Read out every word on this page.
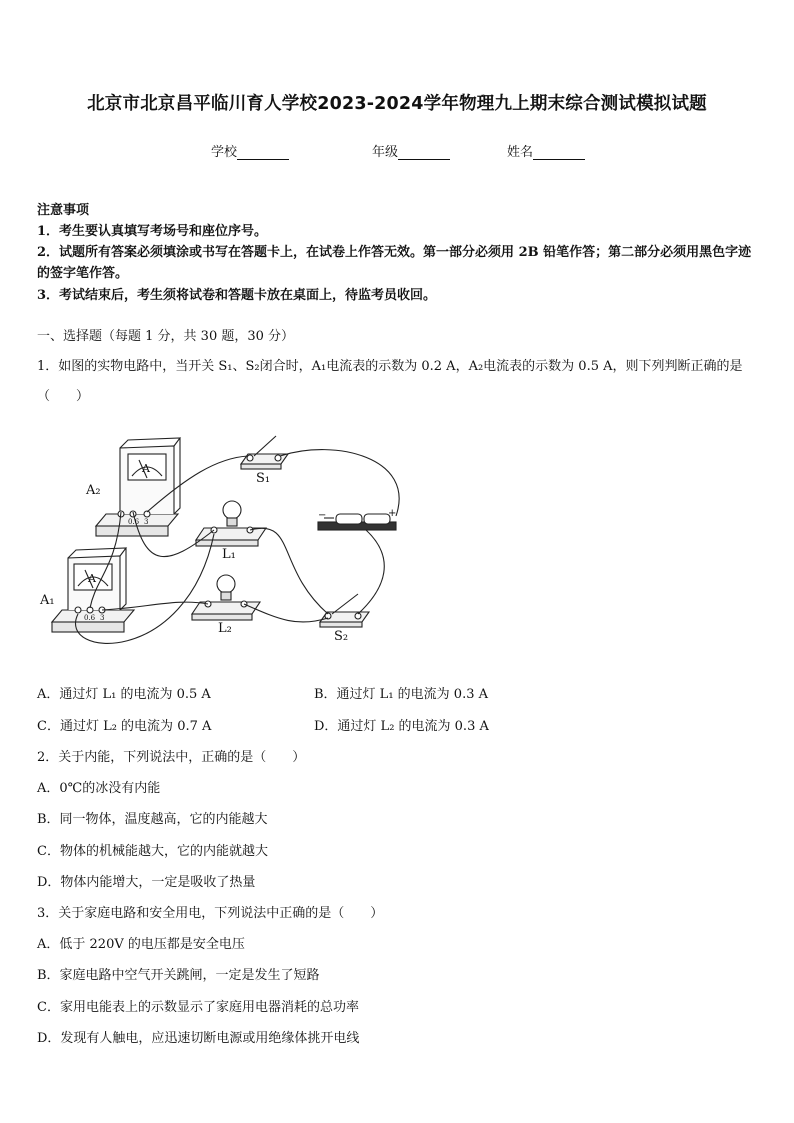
北京市北京昌平临川育人学校2023-2024学年物理九上期末综合测试模拟试题
学校	年级	姓名
注意事项
1．考生要认真填写考场号和座位序号。
2．试题所有答案必须填涂或书写在答题卡上，在试卷上作答无效。第一部分必须用 2B 铅笔作答；第二部分必须用黑色字迹的签字笔作答。
3．考试结束后，考生须将试卷和答题卡放在桌面上，待监考员收回。
一、选择题（每题 1 分，共 30 题，30 分）
1．如图的实物电路中，当开关 S₁、S₂闭合时，A₁电流表的示数为 0.2 A，A₂电流表的示数为 0.5 A，则下列判断正确的是（　　）
A₂
A₁
S₁
S₂
L₁
L₂
A
A
0.6 3
0.6 3
−	+
A．通过灯 L₁ 的电流为 0.5 A	B．通过灯 L₁ 的电流为 0.3 A
C．通过灯 L₂ 的电流为 0.7 A	D．通过灯 L₂ 的电流为 0.3 A
2．关于内能，下列说法中，正确的是（　　）
A．0℃的冰没有内能
B．同一物体，温度越高，它的内能越大
C．物体的机械能越大，它的内能就越大
D．物体内能增大，一定是吸收了热量
3．关于家庭电路和安全用电，下列说法中正确的是（　　）
A．低于 220V 的电压都是安全电压
B．家庭电路中空气开关跳闸，一定是发生了短路
C．家用电能表上的示数显示了家庭用电器消耗的总功率
D．发现有人触电，应迅速切断电源或用绝缘体挑开电线
